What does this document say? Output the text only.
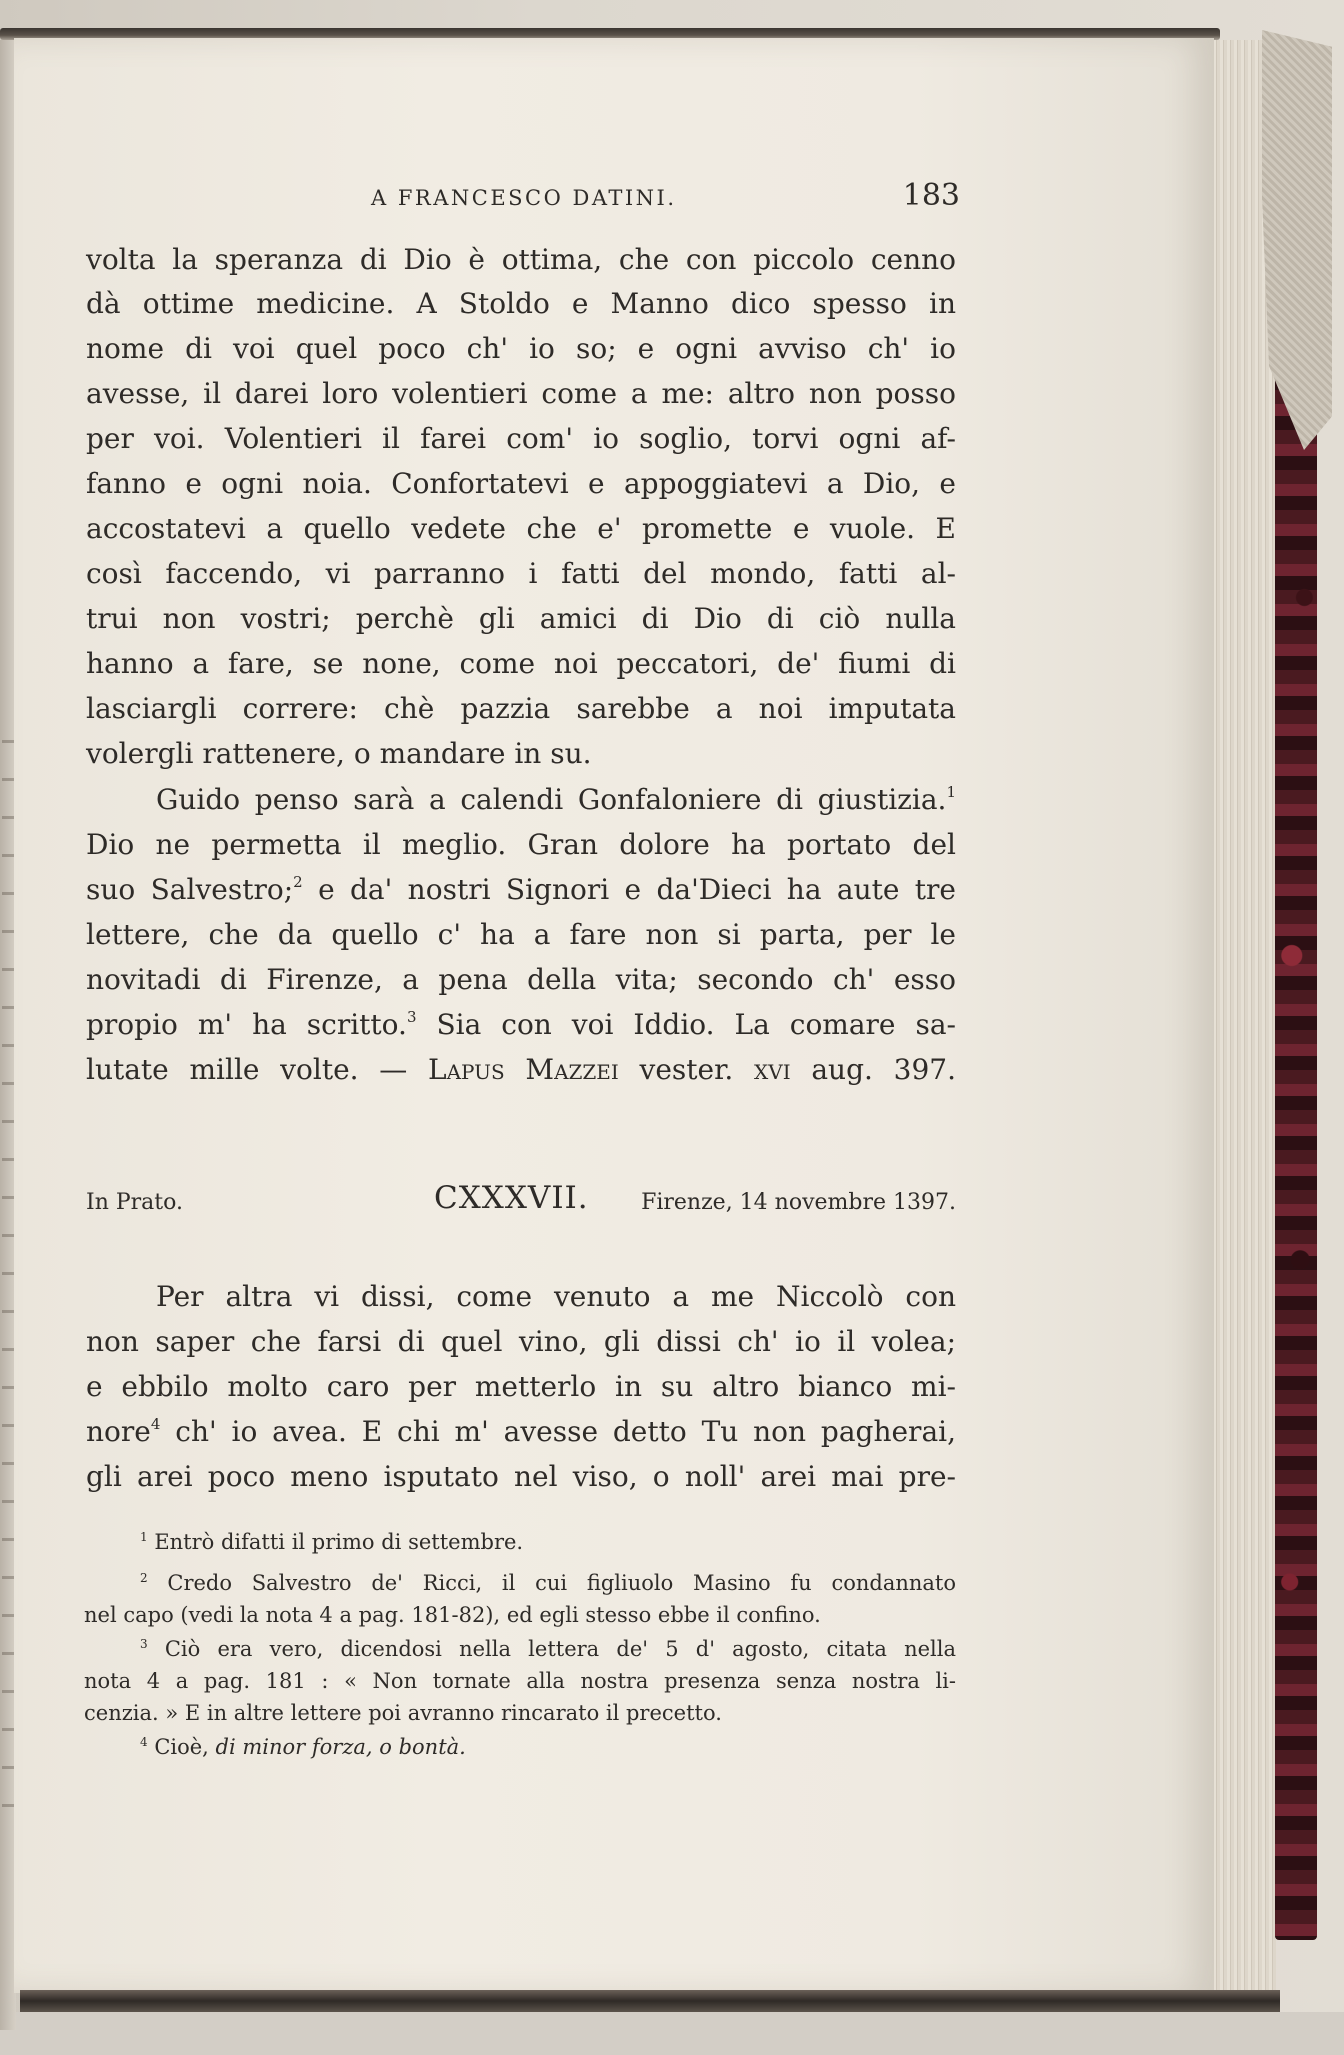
A FRANCESCO DATINI.	183
volta la speranza di Dio è ottima, che con piccolo cenno
dà ottime medicine. A Stoldo e Manno dico spesso in
nome di voi quel poco ch' io so; e ogni avviso ch' io
avesse, il darei loro volentieri come a me: altro non posso
per voi. Volentieri il farei com' io soglio, torvi ogni af-
fanno e ogni noia. Confortatevi e appoggiatevi a Dio, e
accostatevi a quello vedete che e' promette e vuole. E
così faccendo, vi parranno i fatti del mondo, fatti al-
trui non vostri; perchè gli amici di Dio di ciò nulla
hanno a fare, se none, come noi peccatori, de' fiumi di
lasciargli correre: chè pazzia sarebbe a noi imputata
volergli rattenere, o mandare in su.
Guido penso sarà a calendi Gonfaloniere di giustizia.$^1$
Dio ne permetta il meglio. Gran dolore ha portato del
suo Salvestro;$^2$ e da' nostri Signori e da'Dieci ha aute tre
lettere, che da quello c' ha a fare non si parta, per le
novitadi di Firenze, a pena della vita; secondo ch' esso
propio m' ha scritto.$^3$ Sia con voi Iddio. La comare sa-
lutate mille volte. — Lapus Mazzei vester. xvi aug. 397.
In Prato.	CXXXVII. Firenze, 14 novembre 1397.
Per altra vi dissi, come venuto a me Niccolò con
non saper che farsi di quel vino, gli dissi ch' io il volea;
e ebbilo molto caro per metterlo in su altro bianco mi-
nore$^4$ ch' io avea. E chi m' avesse detto Tu non pagherai,
gli arei poco meno isputato nel viso, o noll' arei mai pre-
$^1$ Entrò difatti il primo di settembre.
$^2$ Credo Salvestro de' Ricci, il cui figliuolo Masino fu condannato
nel capo (vedi la nota 4 a pag. 181-82), ed egli stesso ebbe il confino.
$^3$ Ciò era vero, dicendosi nella lettera de' 5 d' agosto, citata nella
nota 4 a pag. 181 : « Non tornate alla nostra presenza senza nostra li-
cenzia. » E in altre lettere poi avranno rincarato il precetto.
$^4$ Cioè, di minor forza, o bontà.
